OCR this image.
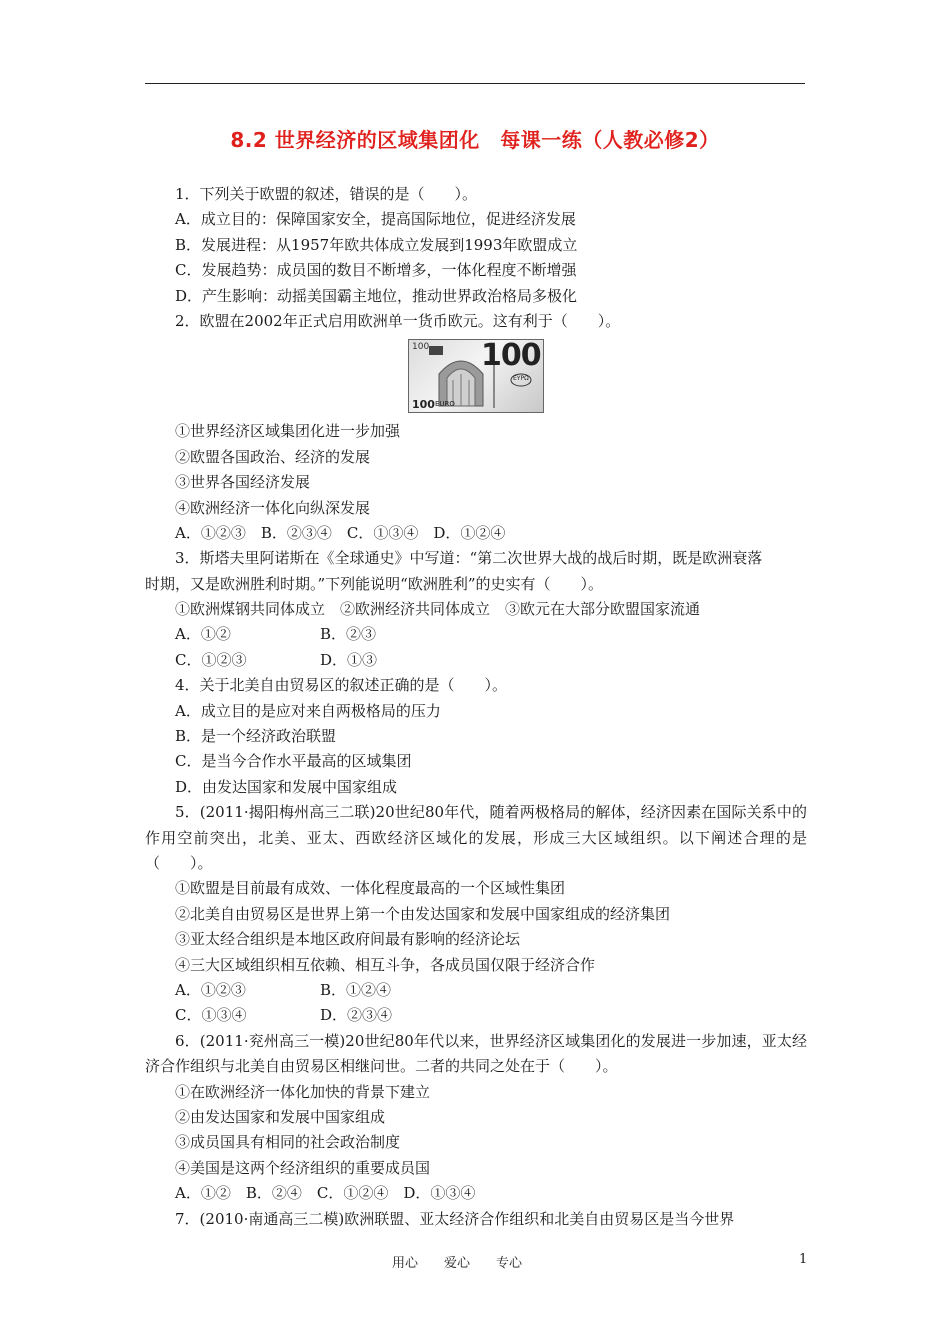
8.2 世界经济的区域集团化　每课一练（人教必修2）
1．下列关于欧盟的叙述，错误的是（　　）。
A．成立目的：保障国家安全，提高国际地位，促进经济发展
B．发展进程：从1957年欧共体成立发展到1993年欧盟成立
C．发展趋势：成员国的数目不断增多，一体化程度不断增强
D．产生影响：动摇美国霸主地位，推动世界政治格局多极化
2．欧盟在2002年正式启用欧洲单一货币欧元。这有利于（　　）。
100 100
EYPΩ
100 EURO
①世界经济区域集团化进一步加强
②欧盟各国政治、经济的发展
③世界各国经济发展
④欧洲经济一体化向纵深发展
A．①②③　B．②③④　C．①③④　D．①②④
3．斯塔夫里阿诺斯在《全球通史》中写道：“第二次世界大战的战后时期，既是欧洲衰落
时期，又是欧洲胜利时期。”下列能说明“欧洲胜利”的史实有（　　）。
①欧洲煤钢共同体成立　②欧洲经济共同体成立　③欧元在大部分欧盟国家流通
A．①②	B．②③
C．①②③	D．①③
4．关于北美自由贸易区的叙述正确的是（　　）。
A．成立目的是应对来自两极格局的压力
B．是一个经济政治联盟
C．是当今合作水平最高的区域集团
D．由发达国家和发展中国家组成
5．(2011·揭阳梅州高三二联)20世纪80年代，随着两极格局的解体，经济因素在国际关系中的作用空前突出，北美、亚太、西欧经济区域化的发展，形成三大区域组织。以下阐述合理的是（　　）。
①欧盟是目前最有成效、一体化程度最高的一个区域性集团
②北美自由贸易区是世界上第一个由发达国家和发展中国家组成的经济集团
③亚太经合组织是本地区政府间最有影响的经济论坛
④三大区域组织相互依赖、相互斗争，各成员国仅限于经济合作
A．①②③	B．①②④
C．①③④	D．②③④
6．(2011·兖州高三一模)20世纪80年代以来，世界经济区域集团化的发展进一步加速，亚太经济合作组织与北美自由贸易区相继问世。二者的共同之处在于（　　）。
①在欧洲经济一体化加快的背景下建立
②由发达国家和发展中国家组成
③成员国具有相同的社会政治制度
④美国是这两个经济组织的重要成员国
A．①②　B．②④　C．①②④　D．①③④
7．(2010·南通高三二模)欧洲联盟、亚太经济合作组织和北美自由贸易区是当今世界
用心　　爱心　　专心	1
